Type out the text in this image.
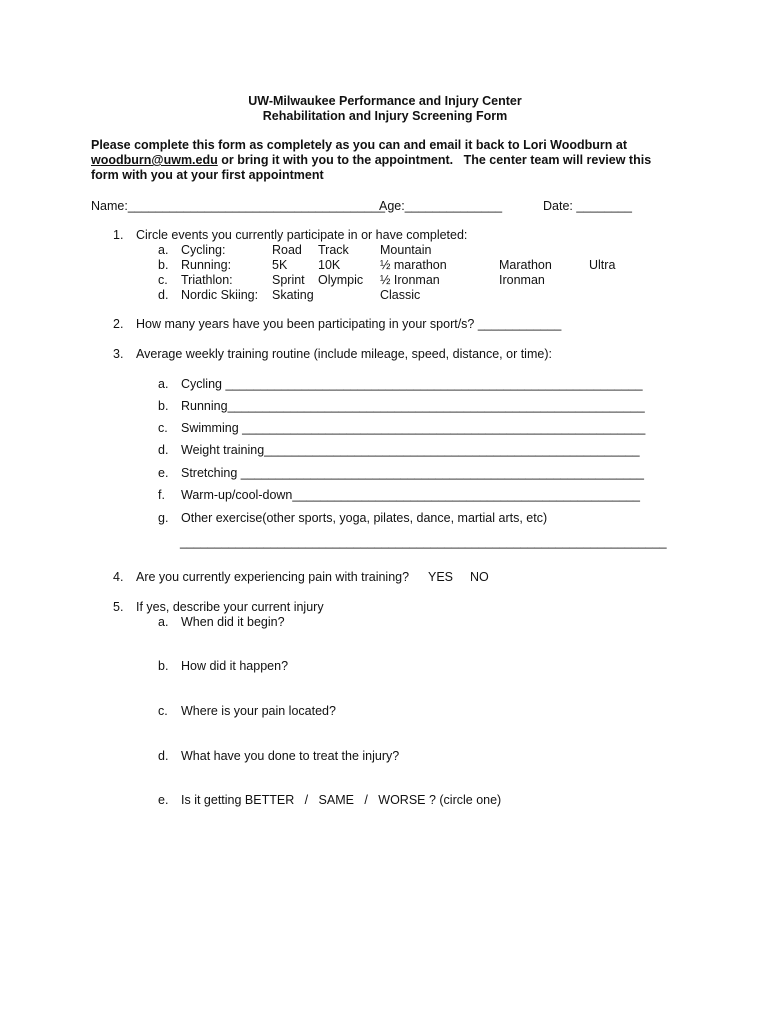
UW-Milwaukee Performance and Injury Center
Rehabilitation and Injury Screening Form
Please complete this form as completely as you can and email it back to Lori Woodburn at
woodburn@uwm.edu or bring it with you to the appointment.   The center team will review this
form with you at your first appointment
Name:_____________________________________
Age:______________	Date: ________
1. Circle events you currently participate in or have completed:
a. Cycling:	Road Track Mountain
b. Running:	5K 10K	½ marathon	Marathon	Ultra
c. Triathlon:	Sprint Olympic ½ Ironman	Ironman
d. Nordic Skiing: Skating	Classic
2. How many years have you been participating in your sport/s? ____________
3. Average weekly training routine (include mileage, speed, distance, or time):
a. Cycling ____________________________________________________________
b. Running____________________________________________________________
c. Swimming __________________________________________________________
d. Weight training______________________________________________________
e. Stretching __________________________________________________________
f. Warm-up/cool-down__________________________________________________
g. Other exercise(other sports, yoga, pilates, dance, martial arts, etc)
______________________________________________________________________
4. Are you currently experiencing pain with training? YES NO
5. If yes, describe your current injury
a. When did it begin?
b. How did it happen?
c. Where is your pain located?
d. What have you done to treat the injury?
e. Is it getting BETTER   /   SAME   /   WORSE ? (circle one)
